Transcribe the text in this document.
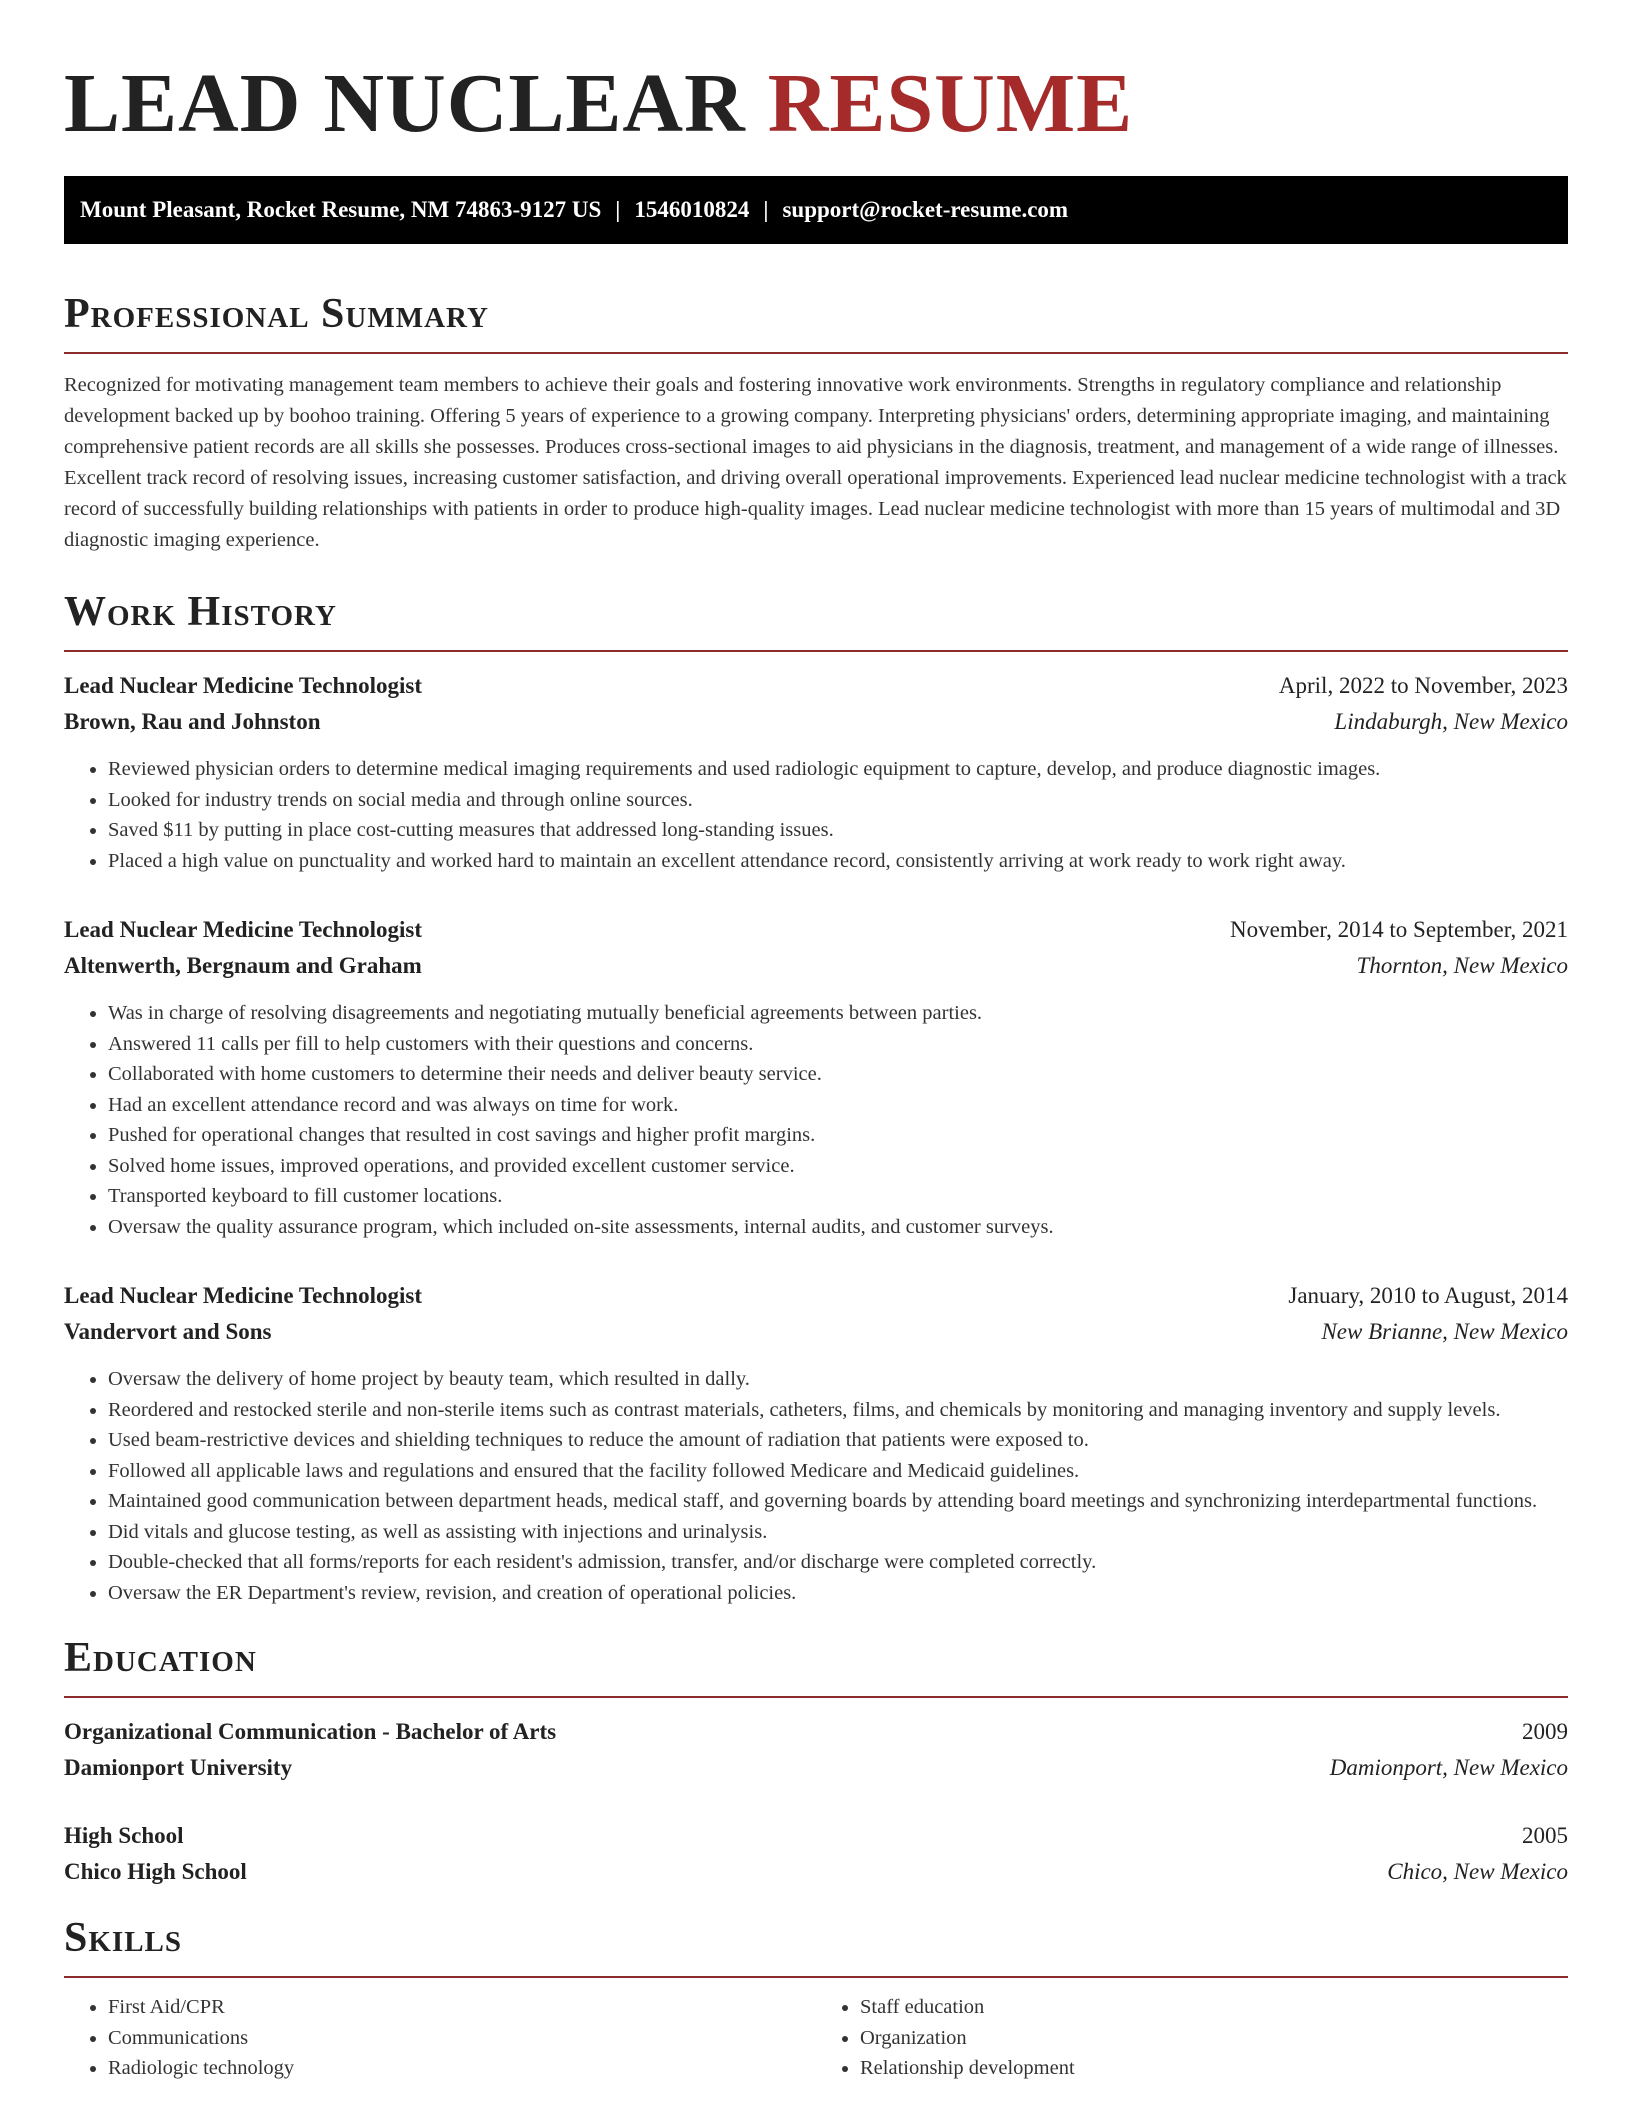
LEAD NUCLEAR RESUME
Mount Pleasant, Rocket Resume, NM 74863-9127 US | 1546010824 | support@rocket-resume.com
Professional Summary

Recognized for motivating management team members to achieve their goals and fostering innovative work environments. Strengths in regulatory compliance and relationship development backed up by boohoo training. Offering 5 years of experience to a growing company. Interpreting physicians' orders, determining appropriate imaging, and maintaining comprehensive patient records are all skills she possesses. Produces cross-sectional images to aid physicians in the diagnosis, treatment, and management of a wide range of illnesses. Excellent track record of resolving issues, increasing customer satisfaction, and driving overall operational improvements. Experienced lead nuclear medicine technologist with a track record of successfully building relationships with patients in order to produce high-quality images. Lead nuclear medicine technologist with more than 15 years of multimodal and 3D diagnostic imaging experience.

Work History
Lead Nuclear Medicine Technologist	April, 2022 to November, 2023
Brown, Rau and Johnston	Lindaburgh, New Mexico
• Reviewed physician orders to determine medical imaging requirements and used radiologic equipment to capture, develop, and produce diagnostic images.
• Looked for industry trends on social media and through online sources.
• Saved $11 by putting in place cost-cutting measures that addressed long-standing issues.
• Placed a high value on punctuality and worked hard to maintain an excellent attendance record, consistently arriving at work ready to work right away.
Lead Nuclear Medicine Technologist	November, 2014 to September, 2021
Altenwerth, Bergnaum and Graham	Thornton, New Mexico
• Was in charge of resolving disagreements and negotiating mutually beneficial agreements between parties.
• Answered 11 calls per fill to help customers with their questions and concerns.
• Collaborated with home customers to determine their needs and deliver beauty service.
• Had an excellent attendance record and was always on time for work.
• Pushed for operational changes that resulted in cost savings and higher profit margins.
• Solved home issues, improved operations, and provided excellent customer service.
• Transported keyboard to fill customer locations.
• Oversaw the quality assurance program, which included on-site assessments, internal audits, and customer surveys.
Lead Nuclear Medicine Technologist	January, 2010 to August, 2014
Vandervort and Sons	New Brianne, New Mexico
• Oversaw the delivery of home project by beauty team, which resulted in dally.
• Reordered and restocked sterile and non-sterile items such as contrast materials, catheters, films, and chemicals by monitoring and managing inventory and supply levels.
• Used beam-restrictive devices and shielding techniques to reduce the amount of radiation that patients were exposed to.
• Followed all applicable laws and regulations and ensured that the facility followed Medicare and Medicaid guidelines.
• Maintained good communication between department heads, medical staff, and governing boards by attending board meetings and synchronizing interdepartmental functions.
• Did vitals and glucose testing, as well as assisting with injections and urinalysis.
• Double-checked that all forms/reports for each resident's admission, transfer, and/or discharge were completed correctly.
• Oversaw the ER Department's review, revision, and creation of operational policies.
Education
Organizational Communication - Bachelor of Arts	2009
Damionport University	Damionport, New Mexico
High School	2005
Chico High School	Chico, New Mexico
Skills
• First Aid/CPR
• Communications
• Radiologic technology
• Staff education
• Organization
• Relationship development
